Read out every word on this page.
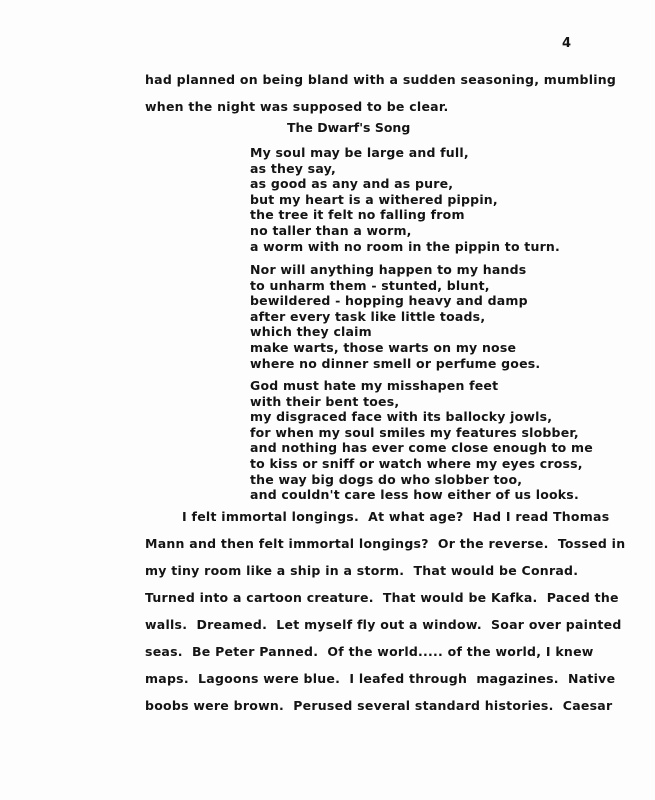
4
had planned on being bland with a sudden seasoning, mumbling
when the night was supposed to be clear.
The Dwarf's Song
My soul may be large and full,
as they say,
as good as any and as pure,
but my heart is a withered pippin,
the tree it felt no falling from
no taller than a worm,
a worm with no room in the pippin to turn.
Nor will anything happen to my hands
to unharm them - stunted, blunt,
bewildered - hopping heavy and damp
after every task like little toads,
which they claim
make warts, those warts on my nose
where no dinner smell or perfume goes.
God must hate my misshapen feet
with their bent toes,
my disgraced face with its ballocky jowls,
for when my soul smiles my features slobber,
and nothing has ever come close enough to me
to kiss or sniff or watch where my eyes cross,
the way big dogs do who slobber too,
and couldn't care less how either of us looks.
I felt immortal longings.  At what age?  Had I read Thomas
Mann and then felt immortal longings?  Or the reverse.  Tossed in
my tiny room like a ship in a storm.  That would be Conrad.
Turned into a cartoon creature.  That would be Kafka.  Paced the
walls.  Dreamed.  Let myself fly out a window.  Soar over painted
seas.  Be Peter Panned.  Of the world..... of the world, I knew
maps.  Lagoons were blue.  I leafed through  magazines.  Native
boobs were brown.  Perused several standard histories.  Caesar
